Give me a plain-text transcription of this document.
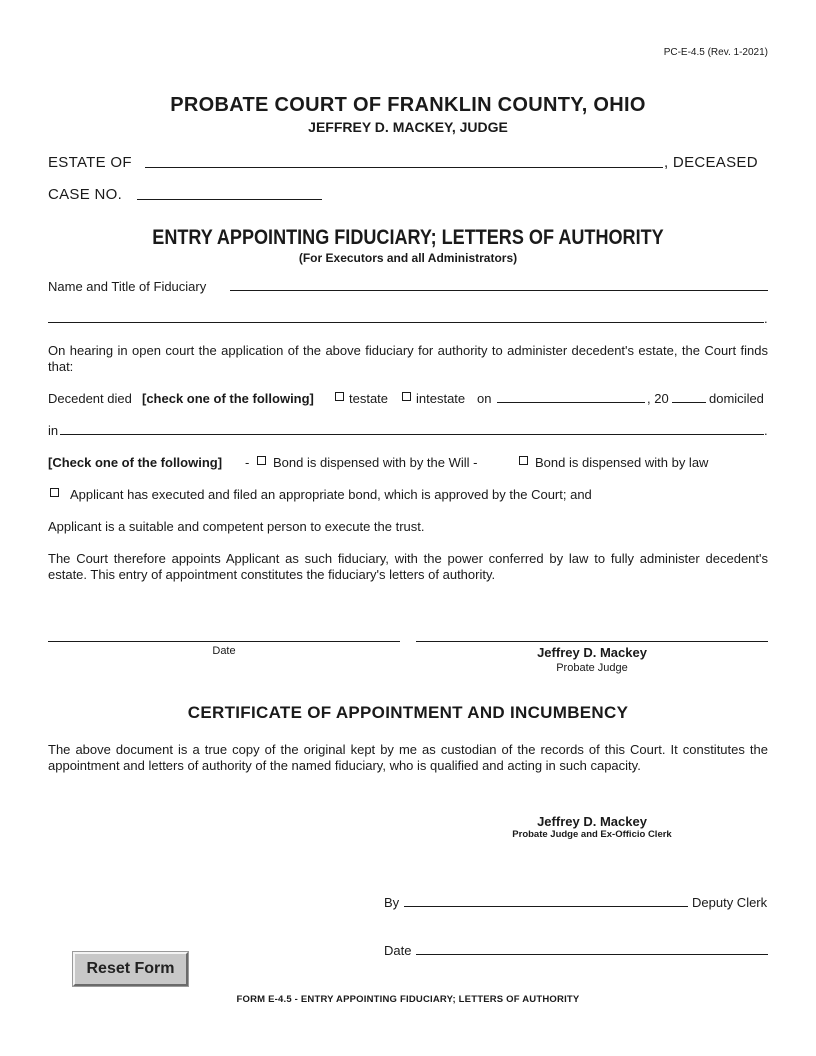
PC-E-4.5 (Rev. 1-2021)
PROBATE COURT OF FRANKLIN COUNTY, OHIO
JEFFREY D. MACKEY, JUDGE
ESTATE OF	, DECEASED
CASE NO.
ENTRY APPOINTING FIDUCIARY; LETTERS OF AUTHORITY
(For Executors and all Administrators)
Name and Title of Fiduciary
.
On hearing in open court the application of the above fiduciary for authority to administer decedent's estate, the Court finds that:
Decedent died [check one of the following]	testate intestate on	, 20	domiciled
in	.
[Check one of the following] - Bond is dispensed with by the Will -	Bond is dispensed with by law
Applicant has executed and filed an appropriate bond, which is approved by the Court; and
Applicant is a suitable and competent person to execute the trust.
The Court therefore appoints Applicant as such fiduciary, with the power conferred by law to fully administer decedent's estate. This entry of appointment constitutes the fiduciary's letters of authority.
Date	Jeffrey D. Mackey
Probate Judge
CERTIFICATE OF APPOINTMENT AND INCUMBENCY
The above document is a true copy of the original kept by me as custodian of the records of this Court. It constitutes the appointment and letters of authority of the named fiduciary, who is qualified and acting in such capacity.
Jeffrey D. Mackey
Probate Judge and Ex-Officio Clerk
By	Deputy Clerk
Date
Reset Form
FORM E-4.5 - ENTRY APPOINTING FIDUCIARY; LETTERS OF AUTHORITY
